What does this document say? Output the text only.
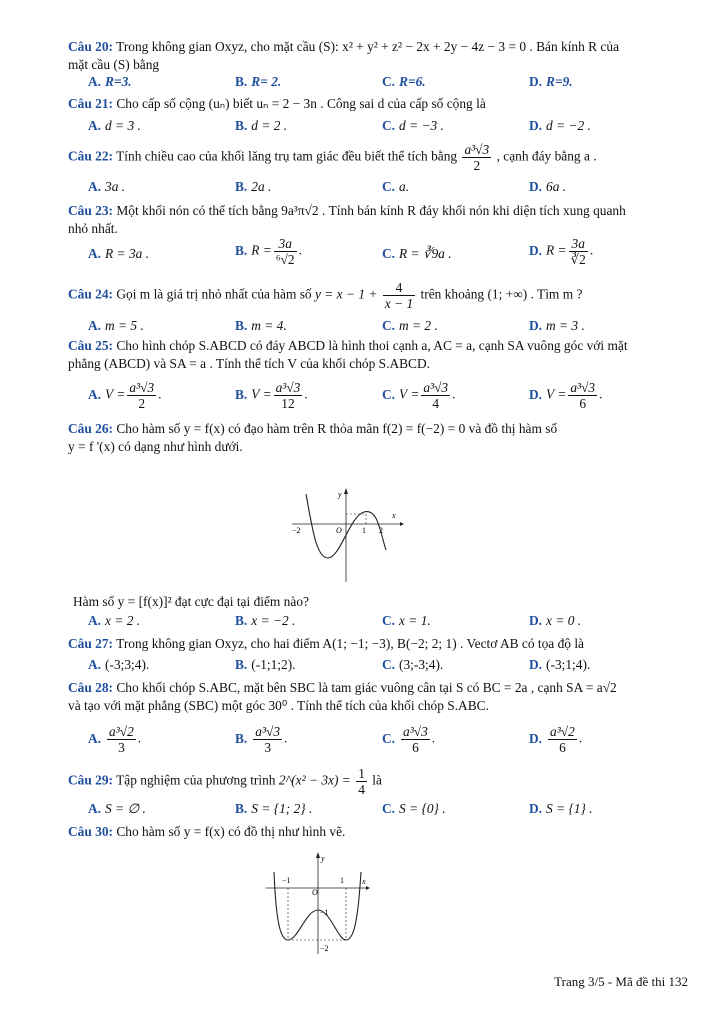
Câu 20: Trong không gian Oxyz, cho mặt cầu (S): x² + y² + z² − 2x + 2y − 4z − 3 = 0 . Bán kính R của
mặt cầu (S) bằng
A. R=3.	B. R= 2.	C. R=6.	D. R=9.
Câu 21: Cho cấp số cộng (uₙ) biết uₙ = 2 − 3n . Công sai d của cấp số cộng là
A. d = 3 .	B. d = 2 .	C. d = −3 .	D. d = −2 .
Câu 22: Tính chiều cao của khối lăng trụ tam giác đều biết thể tích bằng $\frac{\text{a³√3}}{2}$ , cạnh đáy bằng a .
A. 3a .	B. 2a .	C. a.	D. 6a .
Câu 23: Một khối nón có thể tích bằng 9a³π√2 . Tính bán kính R đáy khối nón khi diện tích xung quanh
nhỏ nhất.
A. R = 3a .	B. $R = \frac{3a}{\text{⁶√2}}$ .	C. R = ∛9a .	D. $R = \frac{3a}{∛2}$ .
Câu 24: Gọi m là giá trị nhỏ nhất của hàm số $y = x - 1 + \frac{4}{x - 1}$ trên khoảng (1; +∞) . Tìm m ?
A. m = 5 .	B. m = 4.	C. m = 2 .	D. m = 3 .
Câu 25: Cho hình chóp S.ABCD có đáy ABCD là hình thoi cạnh a, AC = a, cạnh SA vuông góc với mặt
phẳng (ABCD) và SA = a . Tính thể tích V của khối chóp S.ABCD.
A. $V = \frac{\text{a³√3}}{2}$ .	B. $V = \frac{\text{a³√3}}{12}$ .	C. $V = \frac{\text{a³√3}}{4}$ .	D. $V = \frac{\text{a³√3}}{6}$ .
Câu 26: Cho hàm số y = f(x) có đạo hàm trên R thỏa mãn f(2) = f(−2) = 0 và đồ thị hàm số
y = f '(x) có dạng như hình dưới.
x
y
−2	O	1 2
Hàm số y = [f(x)]² đạt cực đại tại điểm nào?
A. x = 2 .	B. x = −2 .	C. x = 1.	D. x = 0 .
Câu 27: Trong không gian Oxyz, cho hai điểm A(1; −1; −3), B(−2; 2; 1) . Vectơ AB có tọa độ là
A. (-3;3;4).	B. (-1;1;2).	C. (3;-3;4).	D. (-3;1;4).
Câu 28: Cho khối chóp S.ABC, mặt bên SBC là tam giác vuông cân tại S có BC = 2a , cạnh SA = a√2
và tạo với mặt phẳng (SBC) một góc 30⁰ . Tính thể tích của khối chóp S.ABC.
A. $\frac{\text{a³√2}}{3}$ .	B. $\frac{\text{a³√3}}{3}$ .	C. $\frac{\text{a³√3}}{6}$ .	D. $\frac{\text{a³√2}}{6}$ .
Câu 29: Tập nghiệm của phương trình 2^(x² − $3x) = \frac{1}{4}$ là
A. S = ∅ .	B. S = {1; 2} .	C. S = {0} .	D. S = {1} .
Câu 30: Cho hàm số y = f(x) có đồ thị như hình vẽ.
x
y
−1
O
1
−1
−2
Trang 3/5 - Mã đề thi 132
